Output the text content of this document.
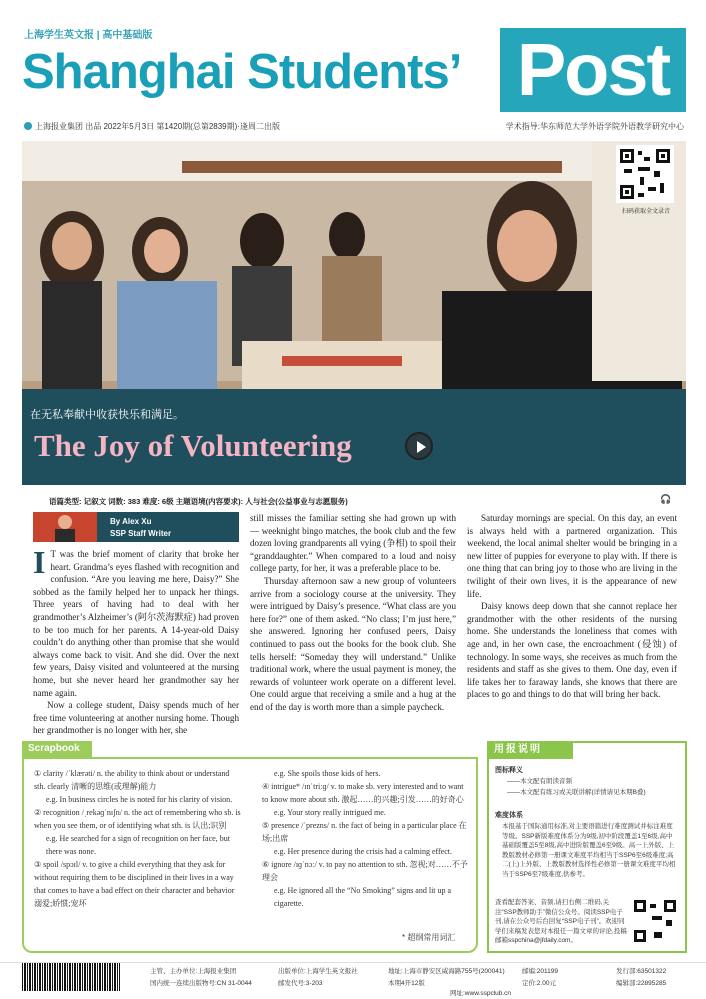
上海学生英文报 | 高中基础版
Shanghai Students’ Post
上海报业集团 出品 2022年5月3日 第1420期(总第2839期)·逢周二出版	学术指导:华东师范大学外语学院外语教学研究中心
扫码获取全文录音
在无私奉献中收获快乐和满足。
The Joy of Volunteering
语篇类型: 记叙文 词数: 383 难度: 6级 主题语境(内容要求): 人与社会(公益事业与志愿服务)	🎧
By Alex Xu
SSP Staff Writer
I T was the brief moment of clarity that broke her heart. Grandma’s eyes flashed with recognition and confusion. “Are you leaving me here, Daisy?” She sobbed as the family helped her to unpack her things. Three years of having had to deal with her grandmother’s Alzheimer’s (阿尔茨海默症) had proven to be too much for her parents. A 14-year-old Daisy couldn’t do anything other than promise that she would always come back to visit. And she did. Over the next few years, Daisy visited and volunteered at the nursing home, but she never heard her grandmother say her name again.

Now a college student, Daisy spends much of her free time volunteering at another nursing home. Though her grandmother is no longer with her, she

still misses the familiar setting she had grown up with — weeknight bingo matches, the book club and the few dozen loving grandparents all vying (争相) to spoil their “granddaughter.” When compared to a loud and noisy college party, for her, it was a preferable place to be.

Thursday afternoon saw a new group of volunteers arrive from a sociology course at the university. They were intrigued by Daisy’s presence. “What class are you here for?” one of them asked. “No class; I’m just here,” she answered. Ignoring her confused peers, Daisy continued to pass out the books for the book club. She tells herself: “Someday they will understand.” Unlike traditional work, where the usual payment is money, the rewards of volunteer work operate on a different level. One could argue that receiving a smile and a hug at the end of the day is worth more than a simple paycheck.

Saturday mornings are special. On this day, an event is always held with a partnered organization. This weekend, the local animal shelter would be bringing in a new litter of puppies for everyone to play with. If there is one thing that can bring joy to those who are living in the twilight of their own lives, it is the appearance of new life.

Daisy knows deep down that she cannot replace her grandmother with the other residents of the nursing home. She understands the loneliness that comes with age and, in her own case, the encroachment (侵蚀) of technology. In some ways, she receives as much from the residents and staff as she gives to them. One day, even if life takes her to faraway lands, she knows that there are places to go and things to do that will bring her back.

Scrapbook
① clarity /ˈklærəti/ n. the ability to think about or understand sth. clearly 清晰的思维(或理解)能力
e.g. In business circles he is noted for his clarity of vision.
② recognition /ˌrekəɡˈnɪʃn/ n. the act of remembering who sb. is when you see them, or of identifying what sth. is 认出;识别
e.g. He searched for a sign of recognition on her face, but there was none.
③ spoil /spɔɪl/ v. to give a child everything that they ask for without requiring them to be disciplined in their lives in a way that comes to have a bad effect on their character and behavior 溺爱;娇惯;宠坏
e.g. She spoils those kids of hers.
④ intrigue* /ɪnˈtriːɡ/ v. to make sb. very interested and to want to know more about sth. 激起……的兴趣;引发……的好奇心
e.g. Your story really intrigued me.
⑤ presence /ˈprezns/ n. the fact of being in a particular place 在场;出席
e.g. Her presence during the crisis had a calming effect.
⑥ ignore /ɪɡˈnɔː/ v. to pay no attention to sth. 忽视;对……不予理会
e.g. He ignored all the “No Smoking” signs and lit up a cigarette.
* 超纲常用词汇
用报说明
图标释义
——本文配有朗读音频
——本文配有练习或关联讲解(详情请见本期B叠)
难度体系
本报基于国际通用标准,对主要语篇进行难度测试并标注难度等级。SSP新版难度体系分为9级,初中阶段覆盖1至6级,高中基础版覆盖5至8级,高中进阶版覆盖6至9级。高一上外版、上教版教材必修第一册课文难度平均相当于SSP6至6级难度;高二(上)上外版、上教版教材选择性必修第一册课文难度平均相当于SSP6至7级难度,供参考。
查看配套答案、音频,请扫右侧二维码,关注“SSP教师助手”微信公众号。阅读SSP电子刊,请在公众号后台回复“SSP电子刊”。欢迎同学们来稿发表您对本报任一篇文章的评论,投稿邮箱sspchina@jfdaily.com。
主管、主办单位:上海报业集团
国内统一连续出版物号:CN 31-0044
出版单位:上海学生英文报社
邮发代号:3-203
地址:上海市静安区威海路755号(200041)
本期4开12版
邮编:201199
定价:2.00元
发行部:63501322
网址:www.sspclub.cn
编辑部:22895285
